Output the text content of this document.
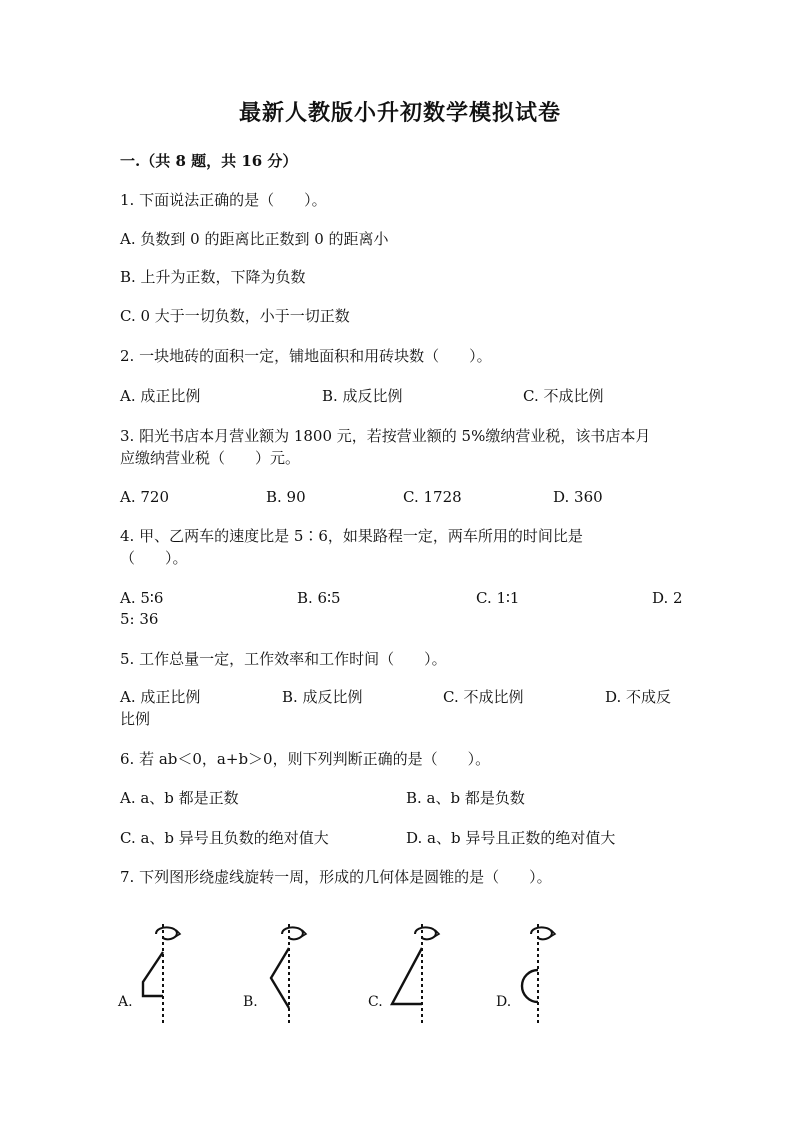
最新人教版小升初数学模拟试卷
一.（共 8 题，共 16 分）
1. 下面说法正确的是（　　）。
A. 负数到 0 的距离比正数到 0 的距离小
B. 上升为正数，下降为负数
C. 0 大于一切负数，小于一切正数
2. 一块地砖的面积一定，铺地面积和用砖块数（　　）。
A. 成正比例	B. 成反比例	C. 不成比例
3. 阳光书店本月营业额为 1800 元，若按营业额的 5%缴纳营业税，该书店本月
应缴纳营业税（　　）元。
A. 720	B. 90	C. 1728	D. 360
4. 甲、乙两车的速度比是 5∶6，如果路程一定，两车所用的时间比是
（　　）。
A. 5∶6	B. 6∶5	C. 1∶1	D. 2
5: 36
5. 工作总量一定，工作效率和工作时间（　　）。
A. 成正比例	B. 成反比例	C. 不成比例	D. 不成反
比例
6. 若 ab＜0，a+b＞0，则下列判断正确的是（　　）。
A. a、b 都是正数	B. a、b 都是负数
C. a、b 异号且负数的绝对值大	D. a、b 异号且正数的绝对值大
7. 下列图形绕虚线旋转一周，形成的几何体是圆锥的是（　　）。
A.	B.	C.	D.
